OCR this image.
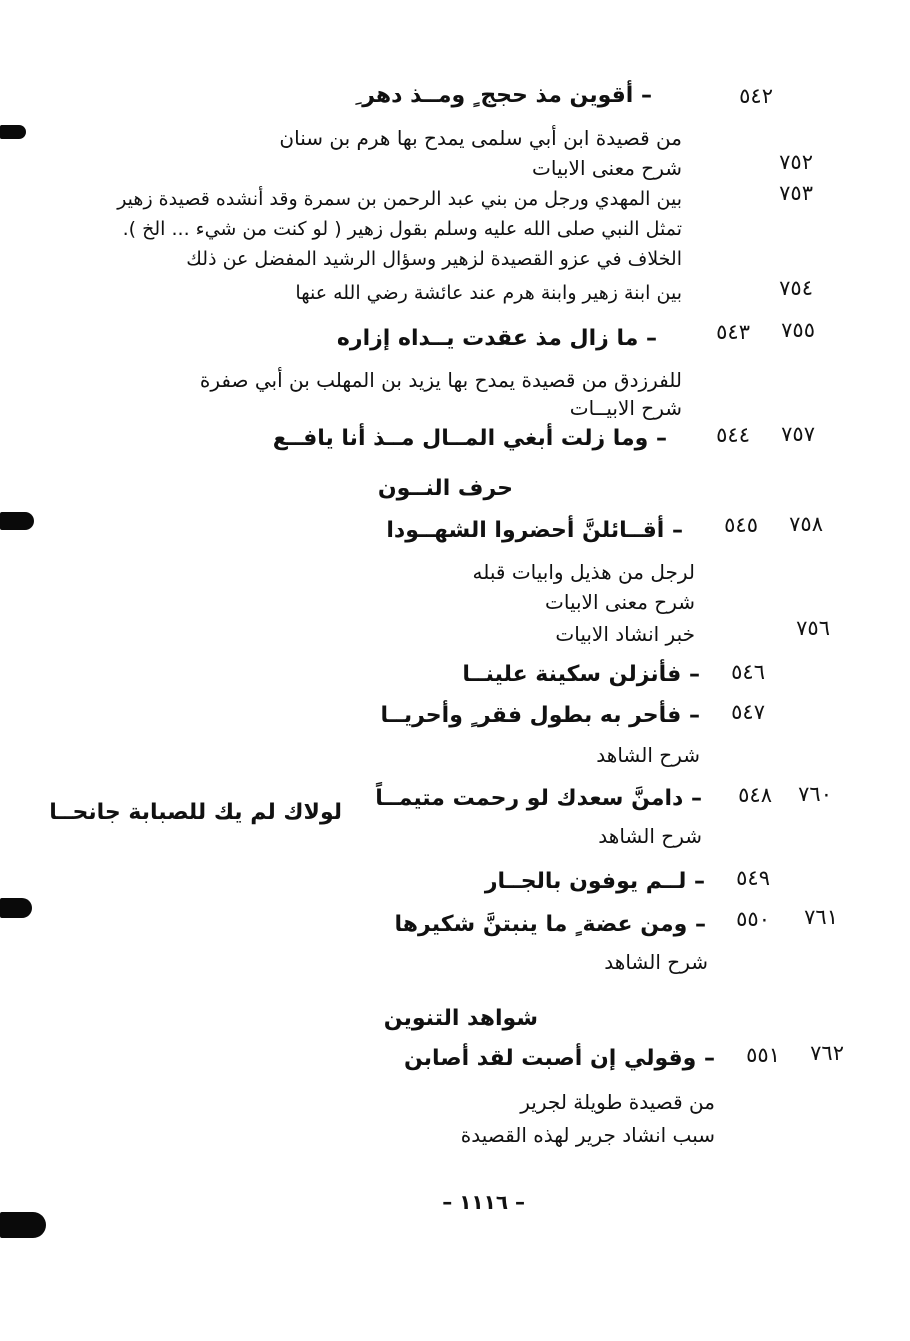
٥٤٢
– أقوين مذ حجج ٍ ومــذ دهر ِ
من قصيدة ابن أبي سلمى يمدح بها هرم بن سنان
٧٥٢
شرح معنى الابيات
٧٥٣
بين المهدي ورجل من بني عبد الرحمن بن سمرة وقد أنشده قصيدة زهير
تمثل النبي صلى الله عليه وسلم بقول زهير ( لو كنت من شيء ... الخ ).
الخلاف في عزو القصيدة لزهير وسؤال الرشيد المفضل عن ذلك
٧٥٤
بين ابنة زهير وابنة هرم عند عائشة رضي الله عنها
٧٥٥
٥٤٣
– ما زال مذ عقدت يــداه إزاره
للفرزدق من قصيدة يمدح بها يزيد بن المهلب بن أبي صفرة
شرح الابيــات
٧٥٧
٥٤٤
– وما زلت أبغي المــال مــذ أنا يافــع
حرف النــون
٧٥٨
٥٤٥
– أقــائلنَّ أحضروا الشهــودا
لرجل من هذيل وابيات قبله
شرح معنى الابيات
٧٥٦
خبر انشاد الابيات
٥٤٦
– فأنزلن سكينة علينــا
٥٤٧
– فأحر به بطول فقر ٍ وأحريــا
شرح الشاهد
٧٦٠
٥٤٨
– دامنَّ سعدك لو رحمت متيمــاً
لولاك لم يك للصبابة جانحــا
شرح الشاهد
٥٤٩
– لــم يوفون بالجــار
٧٦١
٥٥٠
– ومن عضة ٍ ما ينبتنَّ شكيرها
شرح الشاهد
شواهد التنوين
٧٦٢
٥٥١
– وقولي إن أصبت لقد أصابن
من قصيدة طويلة لجرير
سبب انشاد جرير لهذه القصيدة
– ١١١٦ –
